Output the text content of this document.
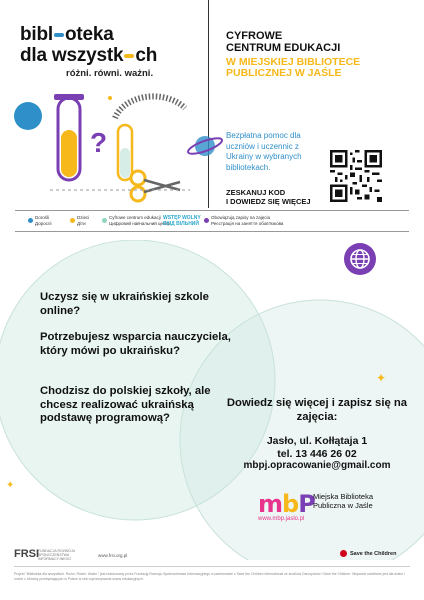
bibl oteka
dla wszystk ch
różni. równi. ważni.
?
CYFROWE
CENTRUM EDUKACJI
W MIEJSKIEJ BIBLIOTECE PUBLICZNEJ W JAŚLE
Bezpłatna pomoc dla uczniów i uczennic z Ukrainy w wybranych bibliotekach.
ZESKANUJ KOD
I DOWIEDZ SIĘ WIĘCEJ
Dorośli
Дорослі
Dzieci
Діти
Cyfrowe centrum edukacji
Цифровий навчальний центр
WSTĘP WOLNY
ВХІД ВІЛЬНИЙ
Obowiązują zapisy na zajęcia
Реєстрація на заняття обов'язкова
✦
✦
Uczysz się w ukraińskiej szkole online?
Potrzebujesz wsparcia nauczyciela, który mówi po ukraińsku?
Chodzisz do polskiej szkoły, ale chcesz realizować ukraińską podstawę programową?
Dowiedz się więcej i zapisz się na zajęcia:
Jasło, ul. Kołłątaja 1
tel. 13 446 26 02
mbpj.opracowanie@gmail.com
mbP
www.mbp.jaslo.pl
Miejska Biblioteka Publiczna w Jaśle
FRSI
FUNDACJA ROZWOJU SPOŁECZEŃSTWA INFORMACYJNEGO
www.frsi.org.pl	Save the Children
Projekt "Biblioteka dla wszystkich. Różni. Równi. Ważni." jest realizowany przez Fundację Rozwoju Społeczeństwa Informacyjnego w partnerstwie z Save the Children International ze środków Darczyńców i Save the Children. Wsparcie udzielane jest dla dzieci i rodzin z Ukrainy przebywających w Polsce w celu wyrównywania szans edukacyjnych.
